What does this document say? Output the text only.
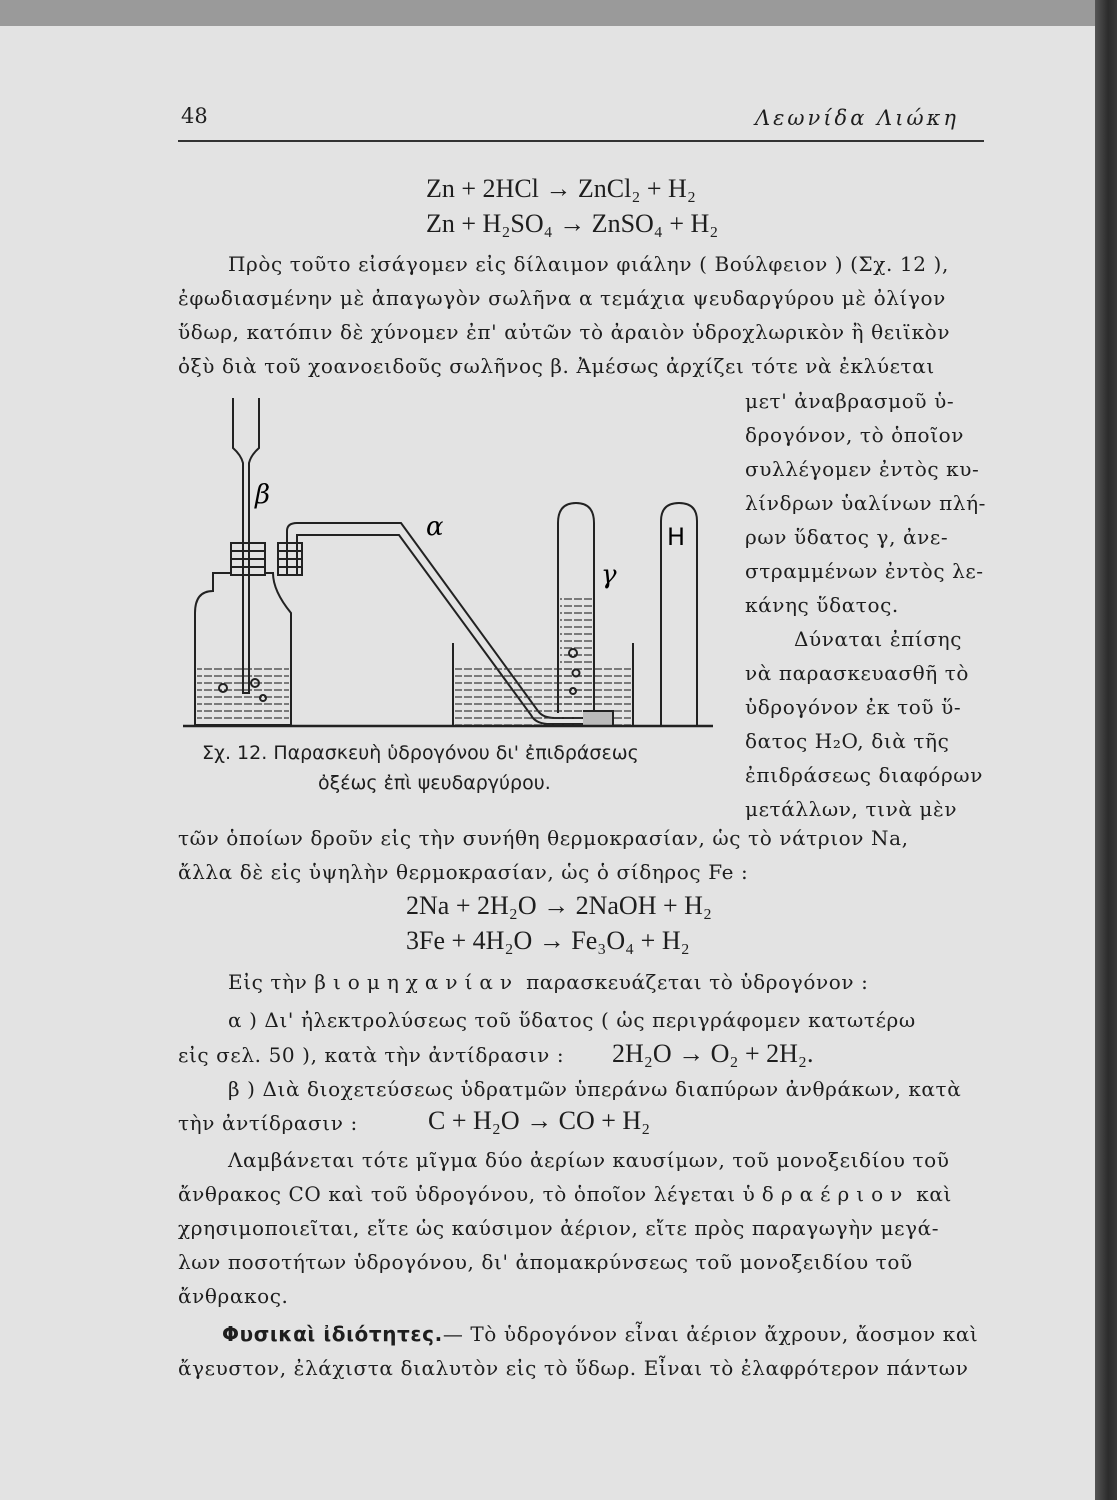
48	Λεωνίδα Λιώκη
Zn + 2HCl → ZnCl₂ + H₂
Zn + H₂SO₄ → ZnSO₄ + H₂
Πρὸς τοῦτο εἰσάγομεν εἰς δίλαιμον φιάλην ( Βούλφειον ) (Σχ. 12 ),
ἐφωδιασμένην μὲ ἀπαγωγὸν σωλῆνα α τεμάχια ψευδαργύρου μὲ ὀλίγον
ὕδωρ, κατόπιν δὲ χύνομεν ἐπ' αὐτῶν τὸ ἀραιὸν ὑδροχλωρικὸν ἢ θειϊκὸν
ὀξὺ διὰ τοῦ χοανοειδοῦς σωλῆνος β. Ἀμέσως ἀρχίζει τότε νὰ ἐκλύεται
μετ' ἀναβρασμοῦ ὑ-
δρογόνον, τὸ ὁποῖον
συλλέγομεν ἐντὸς κυ-
λίνδρων ὑαλίνων πλή-
ρων ὕδατος γ, ἀνε-
στραμμένων ἐντὸς λε-
κάνης ὕδατος.
Δύναται ἐπίσης
νὰ παρασκευασθῆ τὸ
ὑδρογόνον ἐκ τοῦ ὕ-
δατος H₂O, διὰ τῆς
ἐπιδράσεως διαφόρων
μετάλλων, τινὰ μὲν
β
α
γ
H
Σχ. 12. Παρασκευὴ ὑδρογόνου δι' ἐπιδράσεως
ὀξέως ἐπὶ ψευδαργύρου.
τῶν ὁποίων δροῦν εἰς τὴν συνήθη θερμοκρασίαν, ὡς τὸ νάτριον Na,
ἄλλα δὲ εἰς ὑψηλὴν θερμοκρασίαν, ὡς ὁ σίδηρος Fe :
2Na + 2H₂O → 2NaOH + H₂
3Fe + 4H₂O → Fe₃O₄ + H₂
Εἰς τὴν βιομηχανίαν παρασκευάζεται τὸ ὑδρογόνον :
α ) Δι' ἠλεκτρολύσεως τοῦ ὕδατος ( ὡς περιγράφομεν κατωτέρω
εἰς σελ. 50 ), κατὰ τὴν ἀντίδρασιν : 2H₂O → O₂ + 2H₂.
β ) Διὰ διοχετεύσεως ὑδρατμῶν ὑπεράνω διαπύρων ἀνθράκων, κατὰ
τὴν ἀντίδρασιν :	C + H₂O → CO + H₂
Λαμβάνεται τότε μῖγμα δύο ἀερίων καυσίμων, τοῦ μονοξειδίου τοῦ
ἄνθρακος CO καὶ τοῦ ὑδρογόνου, τὸ ὁποῖον λέγεται ὑδραέριον καὶ
χρησιμοποιεῖται, εἴτε ὡς καύσιμον ἀέριον, εἴτε πρὸς παραγωγὴν μεγά-
λων ποσοτήτων ὑδρογόνου, δι' ἀπομακρύνσεως τοῦ μονοξειδίου τοῦ
ἄνθρακος.
Φυσικαὶ ἰδιότητες.— Τὸ ὑδρογόνον εἶναι ἀέριον ἄχρουν, ἄοσμον καὶ
ἄγευστον, ἐλάχιστα διαλυτὸν εἰς τὸ ὕδωρ. Εἶναι τὸ ἐλαφρότερον πάντων
